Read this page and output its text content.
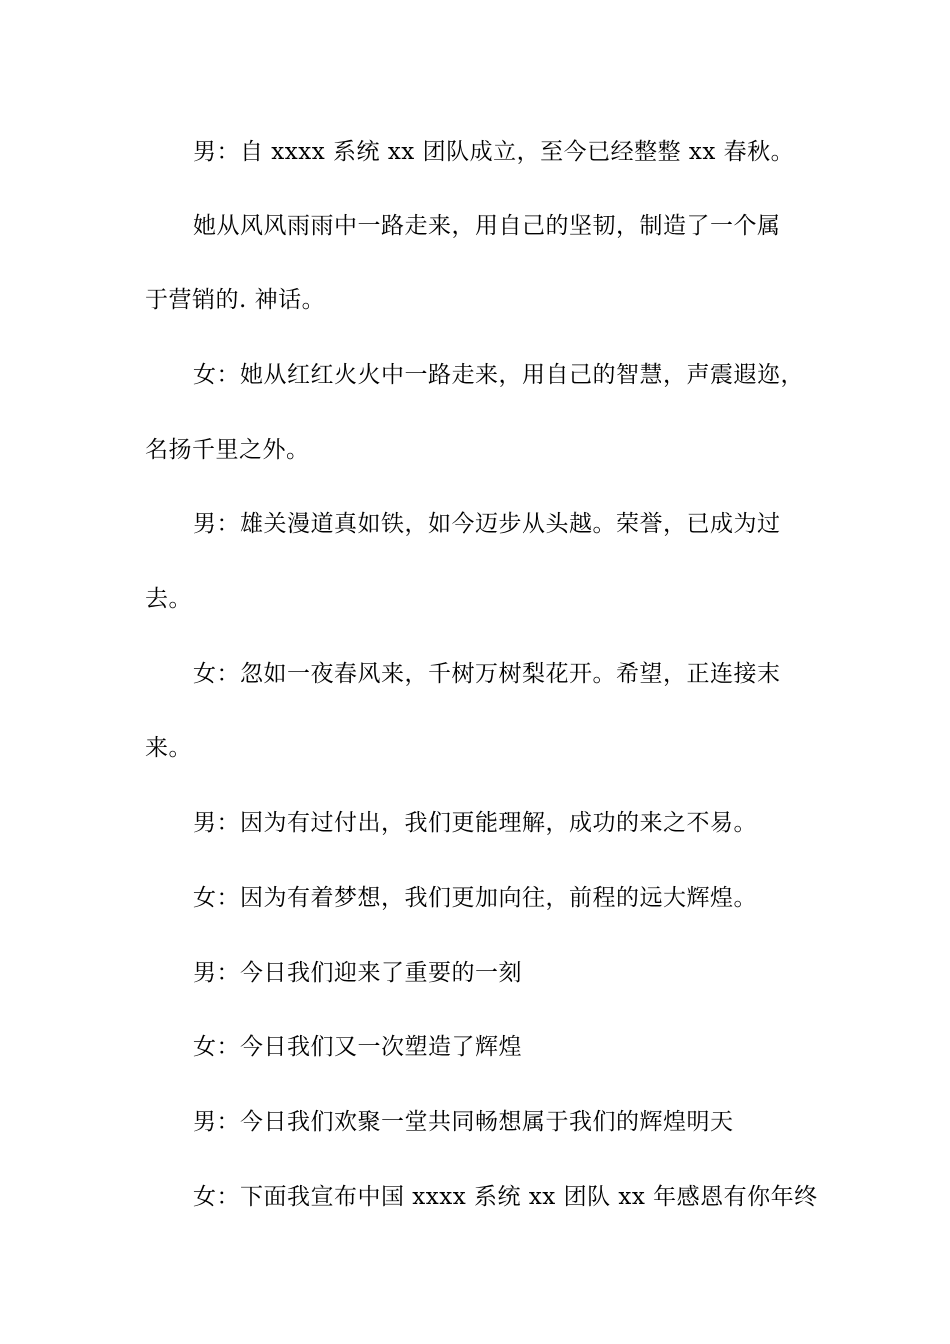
男：自 xxxx 系统 xx 团队成立，至今已经整整 xx 春秋。
她从风风雨雨中一路走来，用自己的坚韧，制造了一个属
于营销的. 神话。
女：她从红红火火中一路走来，用自己的智慧，声震遐迩，
名扬千里之外。
男：雄关漫道真如铁，如今迈步从头越。荣誉，已成为过
去。
女：忽如一夜春风来，千树万树梨花开。希望，正连接末
来。
男：因为有过付出，我们更能理解，成功的来之不易。
女：因为有着梦想，我们更加向往，前程的远大辉煌。
男：今日我们迎来了重要的一刻
女：今日我们又一次塑造了辉煌
男：今日我们欢聚一堂共同畅想属于我们的辉煌明天
女：下面我宣布中国 xxxx 系统 xx 团队 xx 年感恩有你年终
